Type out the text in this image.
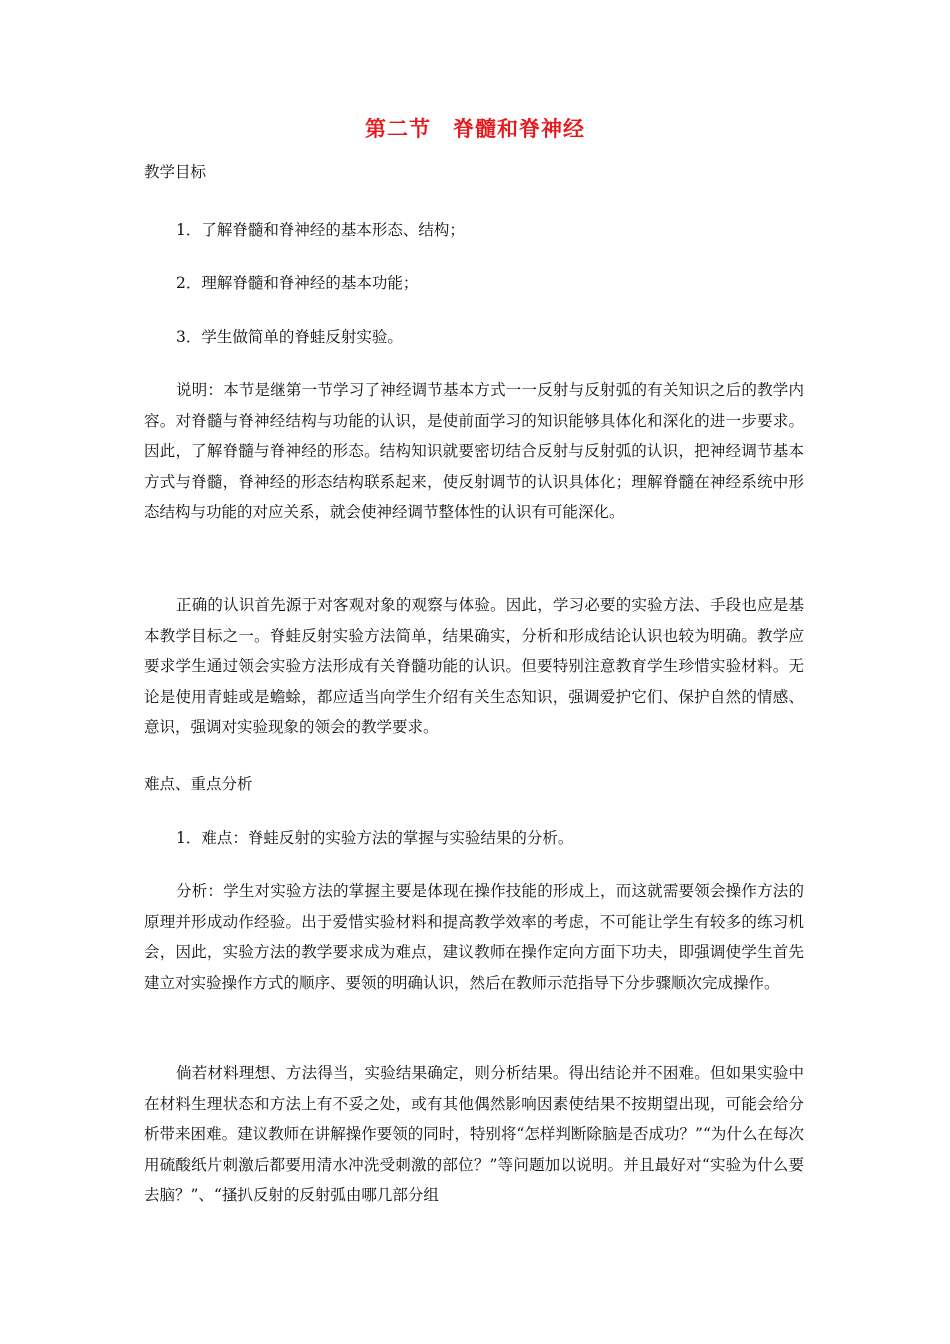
第二节　脊髓和脊神经
教学目标
1．了解脊髓和脊神经的基本形态、结构；
2．理解脊髓和脊神经的基本功能；
3．学生做简单的脊蛙反射实验。

说明：本节是继第一节学习了神经调节基本方式一一反射与反射弧的有关知识之后的教学内容。对脊髓与脊神经结构与功能的认识，是使前面学习的知识能够具体化和深化的进一步要求。因此，了解脊髓与脊神经的形态。结构知识就要密切结合反射与反射弧的认识，把神经调节基本方式与脊髓，脊神经的形态结构联系起来，使反射调节的认识具体化；理解脊髓在神经系统中形态结构与功能的对应关系，就会使神经调节整体性的认识有可能深化。

正确的认识首先源于对客观对象的观察与体验。因此，学习必要的实验方法、手段也应是基本教学目标之一。脊蛙反射实验方法简单，结果确实，分析和形成结论认识也较为明确。教学应要求学生通过领会实验方法形成有关脊髓功能的认识。但要特别注意教育学生珍惜实验材料。无论是使用青蛙或是蟾蜍，都应适当向学生介绍有关生态知识，强调爱护它们、保护自然的情感、意识，强调对实验现象的领会的教学要求。

难点、重点分析
1．难点：脊蛙反射的实验方法的掌握与实验结果的分析。

分析：学生对实验方法的掌握主要是体现在操作技能的形成上，而这就需要领会操作方法的原理并形成动作经验。出于爱惜实验材料和提高教学效率的考虑，不可能让学生有较多的练习机会，因此，实验方法的教学要求成为难点，建议教师在操作定向方面下功夫，即强调使学生首先建立对实验操作方式的顺序、要领的明确认识，然后在教师示范指导下分步骤顺次完成操作。

倘若材料理想、方法得当，实验结果确定，则分析结果。得出结论并不困难。但如果实验中在材料生理状态和方法上有不妥之处，或有其他偶然影响因素使结果不按期望出现，可能会给分析带来困难。建议教师在讲解操作要领的同时，特别将“怎样判断除脑是否成功？”“为什么在每次用硫酸纸片刺激后都要用清水冲洗受刺激的部位？”等问题加以说明。并且最好对“实验为什么要去脑？”、“搔扒反射的反射弧由哪几部分组
